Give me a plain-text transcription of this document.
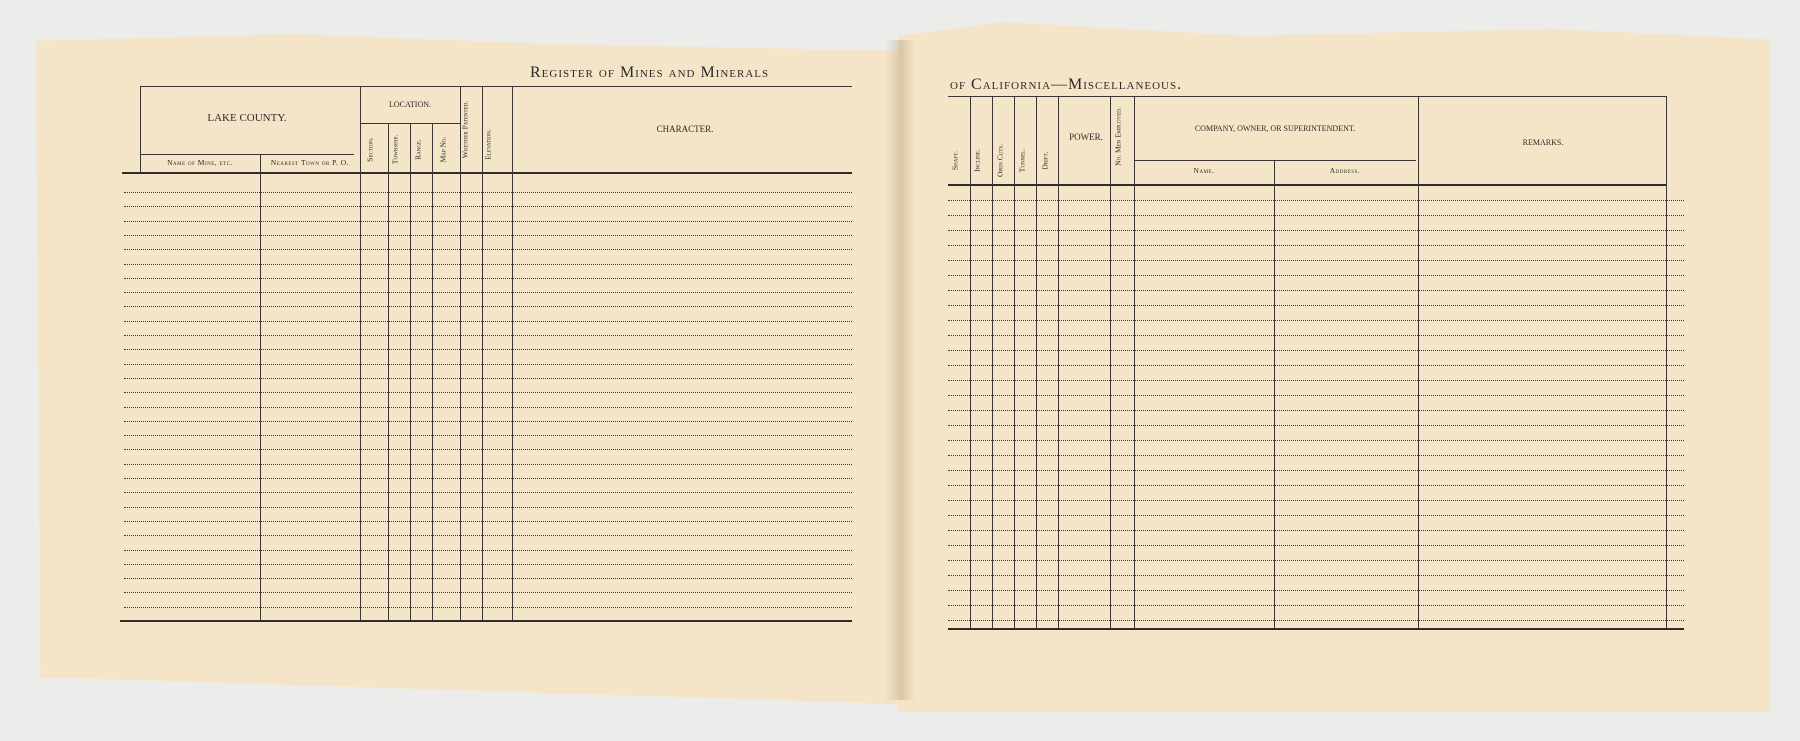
Register of Mines and Minerals
LAKE COUNTY.
Name of Mine, etc.	Nearest Town or P. O.
LOCATION.
Section. Township. Range. Map No. Whether Patented. Elevation.
CHARACTER.
of California—Miscellaneous.
Shaft. Incline. Open Cuts. Tunnel. Drift.
POWER.	No. Men Employed.	COMPANY, OWNER, OR SUPERINTENDENT.
Name.	Address.
REMARKS.
